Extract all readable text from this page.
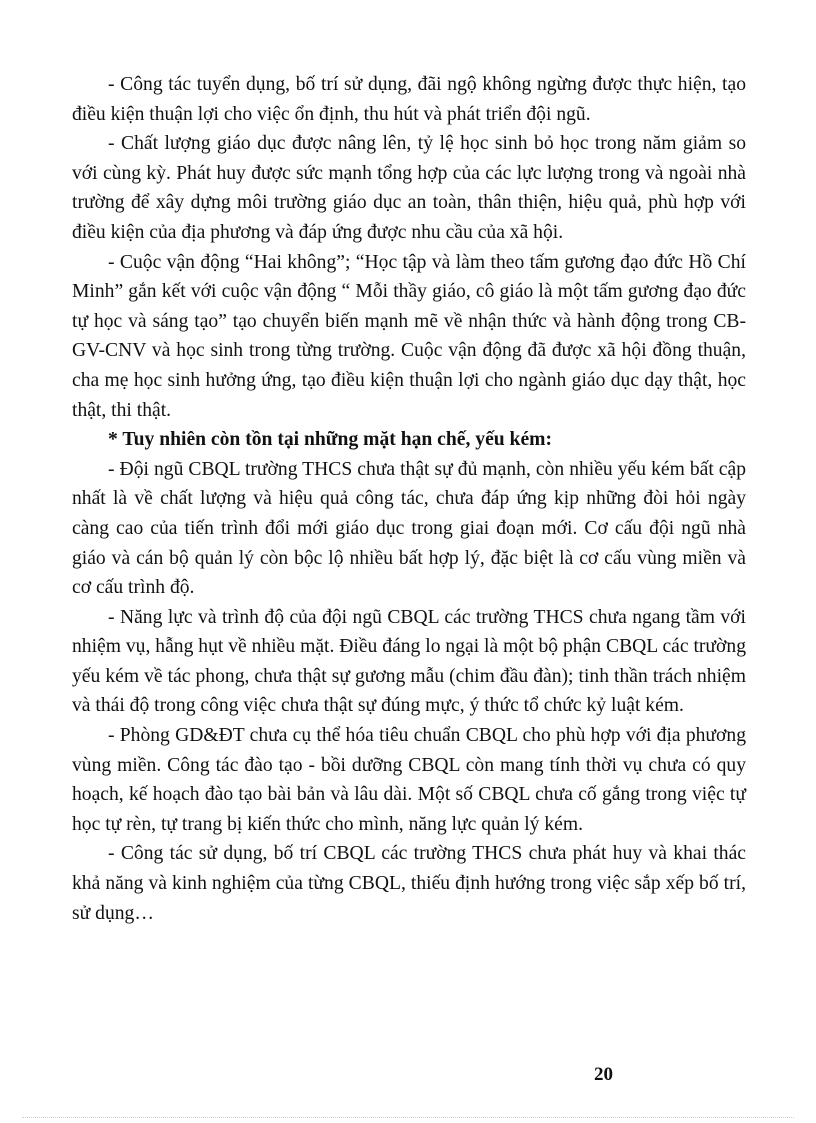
- Công tác tuyển dụng, bố trí sử dụng, đãi ngộ không ngừng được thực hiện, tạo điều kiện thuận lợi cho việc ổn định, thu hút và phát triển đội ngũ.

- Chất lượng giáo dục được nâng lên, tỷ lệ học sinh bỏ học trong năm giảm so với cùng kỳ. Phát huy được sức mạnh tổng hợp của các lực lượng trong và ngoài nhà trường để xây dựng môi trường giáo dục an toàn, thân thiện, hiệu quả, phù hợp với điều kiện của địa phương và đáp ứng được nhu cầu của xã hội.

- Cuộc vận động “Hai không”; “Học tập và làm theo tấm gương đạo đức Hồ Chí Minh” gắn kết với cuộc vận động “ Mỗi thầy giáo, cô giáo là một tấm gương đạo đức tự học và sáng tạo” tạo chuyển biến mạnh mẽ về nhận thức và hành động trong CB-GV-CNV và học sinh trong từng trường. Cuộc vận động đã được xã hội đồng thuận, cha mẹ học sinh hưởng ứng, tạo điều kiện thuận lợi cho ngành giáo dục dạy thật, học thật, thi thật.

* Tuy nhiên còn tồn tại những mặt hạn chế, yếu kém:

- Đội ngũ CBQL trường THCS chưa thật sự đủ mạnh, còn nhiều yếu kém bất cập nhất là về chất lượng và hiệu quả công tác, chưa đáp ứng kịp những đòi hỏi ngày càng cao của tiến trình đổi mới giáo dục trong giai đoạn mới. Cơ cấu đội ngũ nhà giáo và cán bộ quản lý còn bộc lộ nhiều bất hợp lý, đặc biệt là cơ cấu vùng miền và cơ cấu trình độ.

- Năng lực và trình độ của đội ngũ CBQL các trường THCS chưa ngang tầm với nhiệm vụ, hẫng hụt về nhiều mặt. Điều đáng lo ngại là một bộ phận CBQL các trường yếu kém về tác phong, chưa thật sự gương mẫu (chim đầu đàn); tinh thần trách nhiệm và thái độ trong công việc chưa thật sự đúng mực, ý thức tổ chức kỷ luật kém.

- Phòng GD&ĐT chưa cụ thể hóa tiêu chuẩn CBQL cho phù hợp với địa phương vùng miền. Công tác đào tạo - bồi dưỡng CBQL còn mang tính thời vụ chưa có quy hoạch, kế hoạch đào tạo bài bản và lâu dài. Một số CBQL chưa cố gắng trong việc tự học tự rèn, tự trang bị kiến thức cho mình, năng lực quản lý kém.

- Công tác sử dụng, bố trí CBQL các trường THCS chưa phát huy và khai thác khả năng và kinh nghiệm của từng CBQL, thiếu định hướng trong việc sắp xếp bố trí, sử dụng…

20
